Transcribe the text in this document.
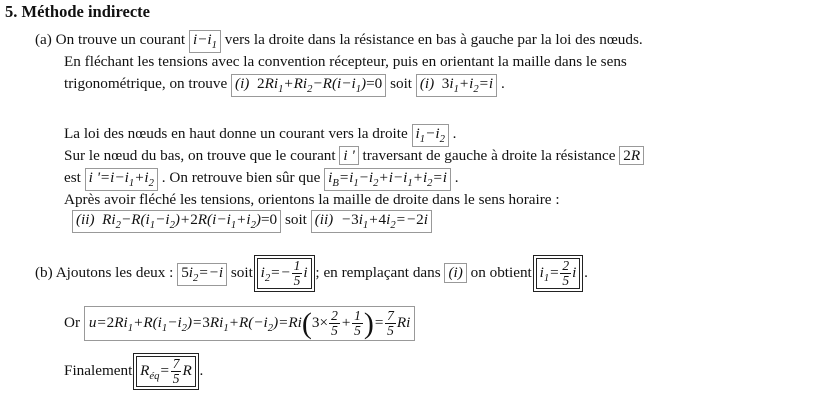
5. Méthode indirecte
(a) On trouve un courant $i-i_1$ vers la droite dans la résistance en bas à gauche par la loi des nœuds.
En fléchant les tensions avec la convention récepteur, puis en orientant la maille dans le sens
trigonométrique, on trouve (i)  $2Ri_1+Ri_2-R(i-i_1)=0$ soit (i)  $3i_1+i_2=i$ .
La loi des nœuds en haut donne un courant vers la droite $i_1-i_2$ .
Sur le nœud du bas, on trouve que le courant i ' traversant de gauche à droite la résistance 2R
est i '$=i-i_1+i_2$ . On retrouve bien sûr que $i_B=i_1-i_2+i-i_1+i_2=i$ .
Après avoir fléché les tensions, orientons la maille de droite dans le sens horaire :
(ii)  $Ri_2-R(i_1-i_2)+2R(i-i_1+i_2)=0$ soit $(ii) -3i_1+4i_2=-2i$
(b) Ajoutons les deux : $5i_2=-i$ soit $i_2=- \frac{1}{5}$ i ; en remplaçant dans (i) on obtient $i_1= \frac{2}{5}$ i .
Or $u=2Ri_1+R(i_1-i_2)=3Ri_1+R(-i_2)=Ri(3\times \frac{2}{5} + \frac{1}{5}$ )= $\frac{7}{5}$ Ri
Finalement $R_{éq}= \frac{7}{5}$ R .
